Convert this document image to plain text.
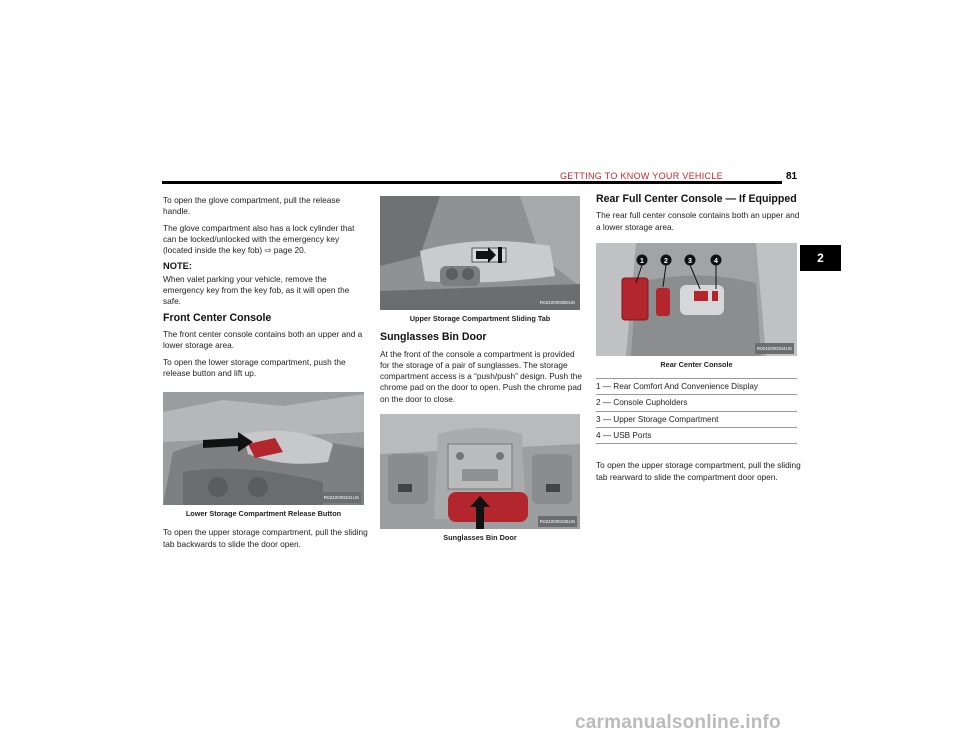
GETTING TO KNOW YOUR VEHICLE	81
2

To open the glove compartment, pull the release handle.

The glove compartment also has a lock cylinder that can be locked/unlocked with the emergency key (located inside the key fob) ⇨ page 20.

NOTE:

When valet parking your vehicle, remove the emergency key from the key fob, as it will open the safe.

Front Center Console

The front center console contains both an upper and a lower storage area.

To open the lower storage compartment, push the release button and lift up.

R0242000341US
Lower Storage Compartment Release Button

To open the upper storage compartment, pull the sliding tab backwards to slide the door open.

R0242000350US
Upper Storage Compartment Sliding Tab
Sunglasses Bin Door

At the front of the console a compartment is provided for the storage of a pair of sunglasses. The storage compartment access is a “push/push” design. Push the chrome pad on the door to open. Push the chrome pad on the door to close.

R0242000335US
Sunglasses Bin Door
Rear Full Center Console — If Equipped

The rear full center console contains both an upper and a lower storage area.

1	2	3	4
R0242000344US
Rear Center Console
1 — Rear Comfort And Convenience Display
2 — Console Cupholders
3 — Upper Storage Compartment
4 — USB Ports

To open the upper storage compartment, pull the sliding tab rearward to slide the compartment door open.

carmanualsonline.info
